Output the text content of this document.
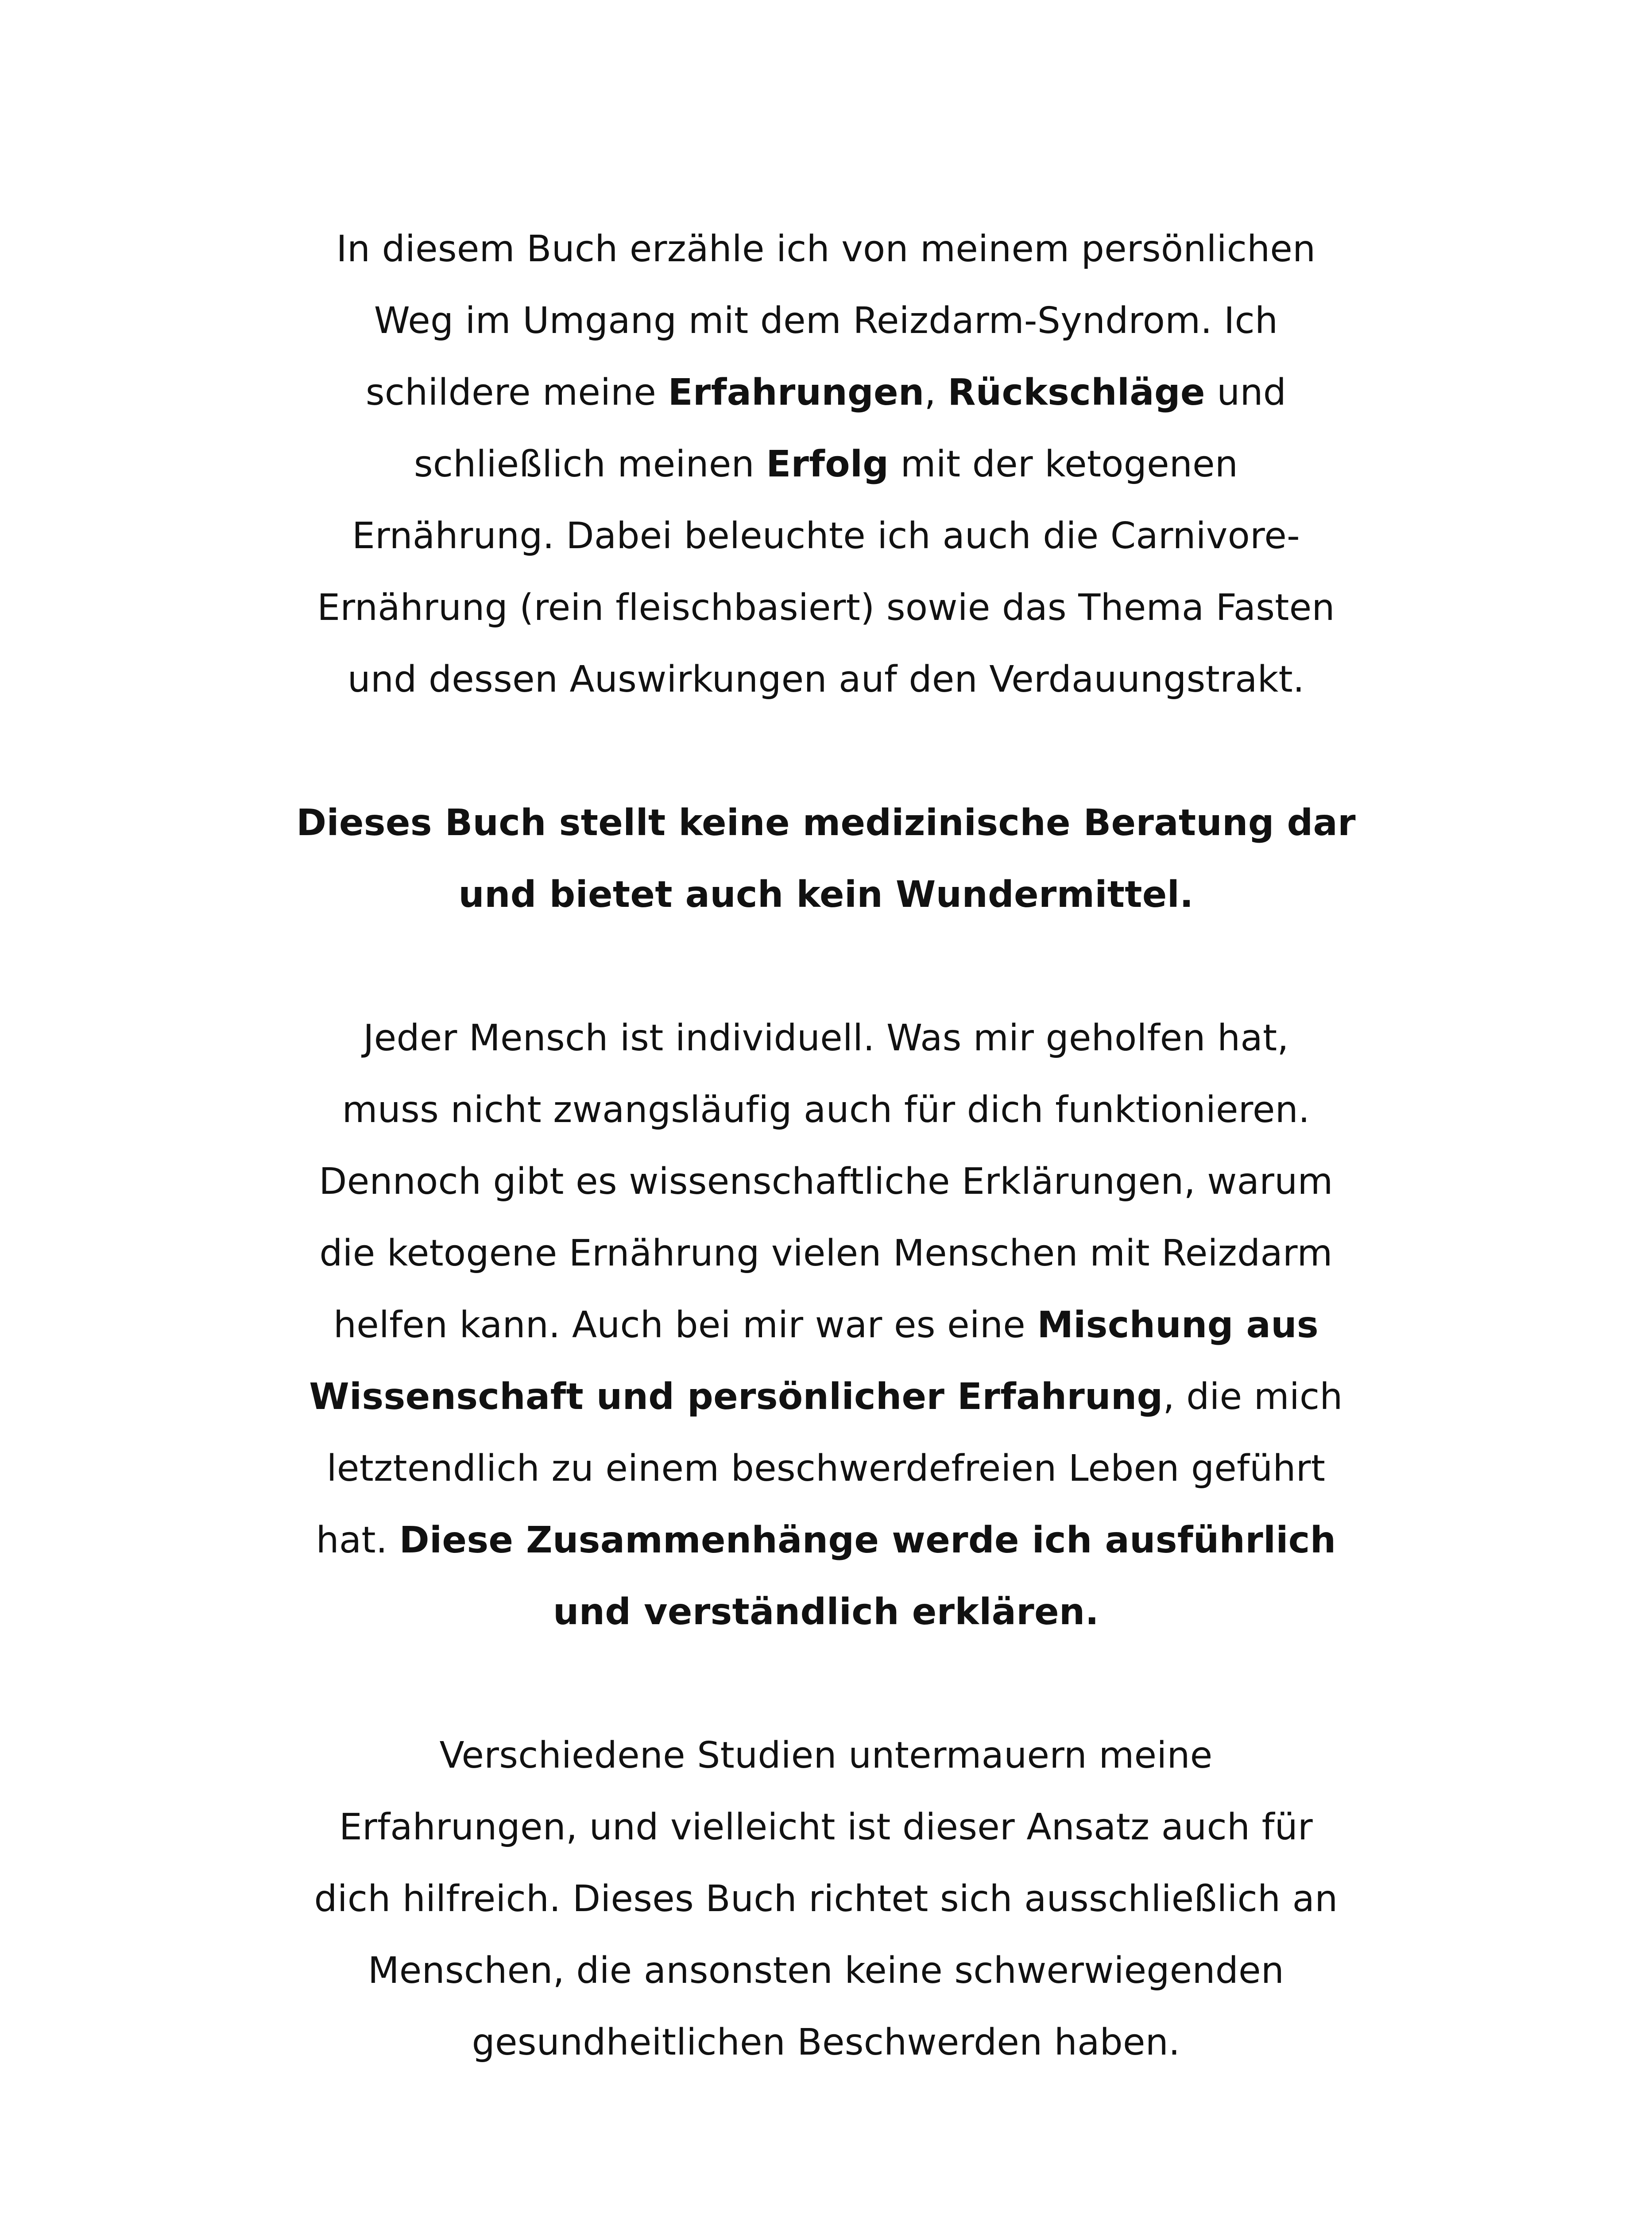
In diesem Buch erzähle ich von meinem persönlichen
Weg im Umgang mit dem Reizdarm-Syndrom. Ich
schildere meine Erfahrungen, Rückschläge und
schließlich meinen Erfolg mit der ketogenen
Ernährung. Dabei beleuchte ich auch die Carnivore-
Ernährung (rein fleischbasiert) sowie das Thema Fasten
und dessen Auswirkungen auf den Verdauungstrakt.
Dieses Buch stellt keine medizinische Beratung dar
und bietet auch kein Wundermittel.
Jeder Mensch ist individuell. Was mir geholfen hat,
muss nicht zwangsläufig auch für dich funktionieren.
Dennoch gibt es wissenschaftliche Erklärungen, warum
die ketogene Ernährung vielen Menschen mit Reizdarm
helfen kann. Auch bei mir war es eine Mischung aus
Wissenschaft und persönlicher Erfahrung, die mich
letztendlich zu einem beschwerdefreien Leben geführt
hat. Diese Zusammenhänge werde ich ausführlich
und verständlich erklären.
Verschiedene Studien untermauern meine
Erfahrungen, und vielleicht ist dieser Ansatz auch für
dich hilfreich. Dieses Buch richtet sich ausschließlich an
Menschen, die ansonsten keine schwerwiegenden
gesundheitlichen Beschwerden haben.
